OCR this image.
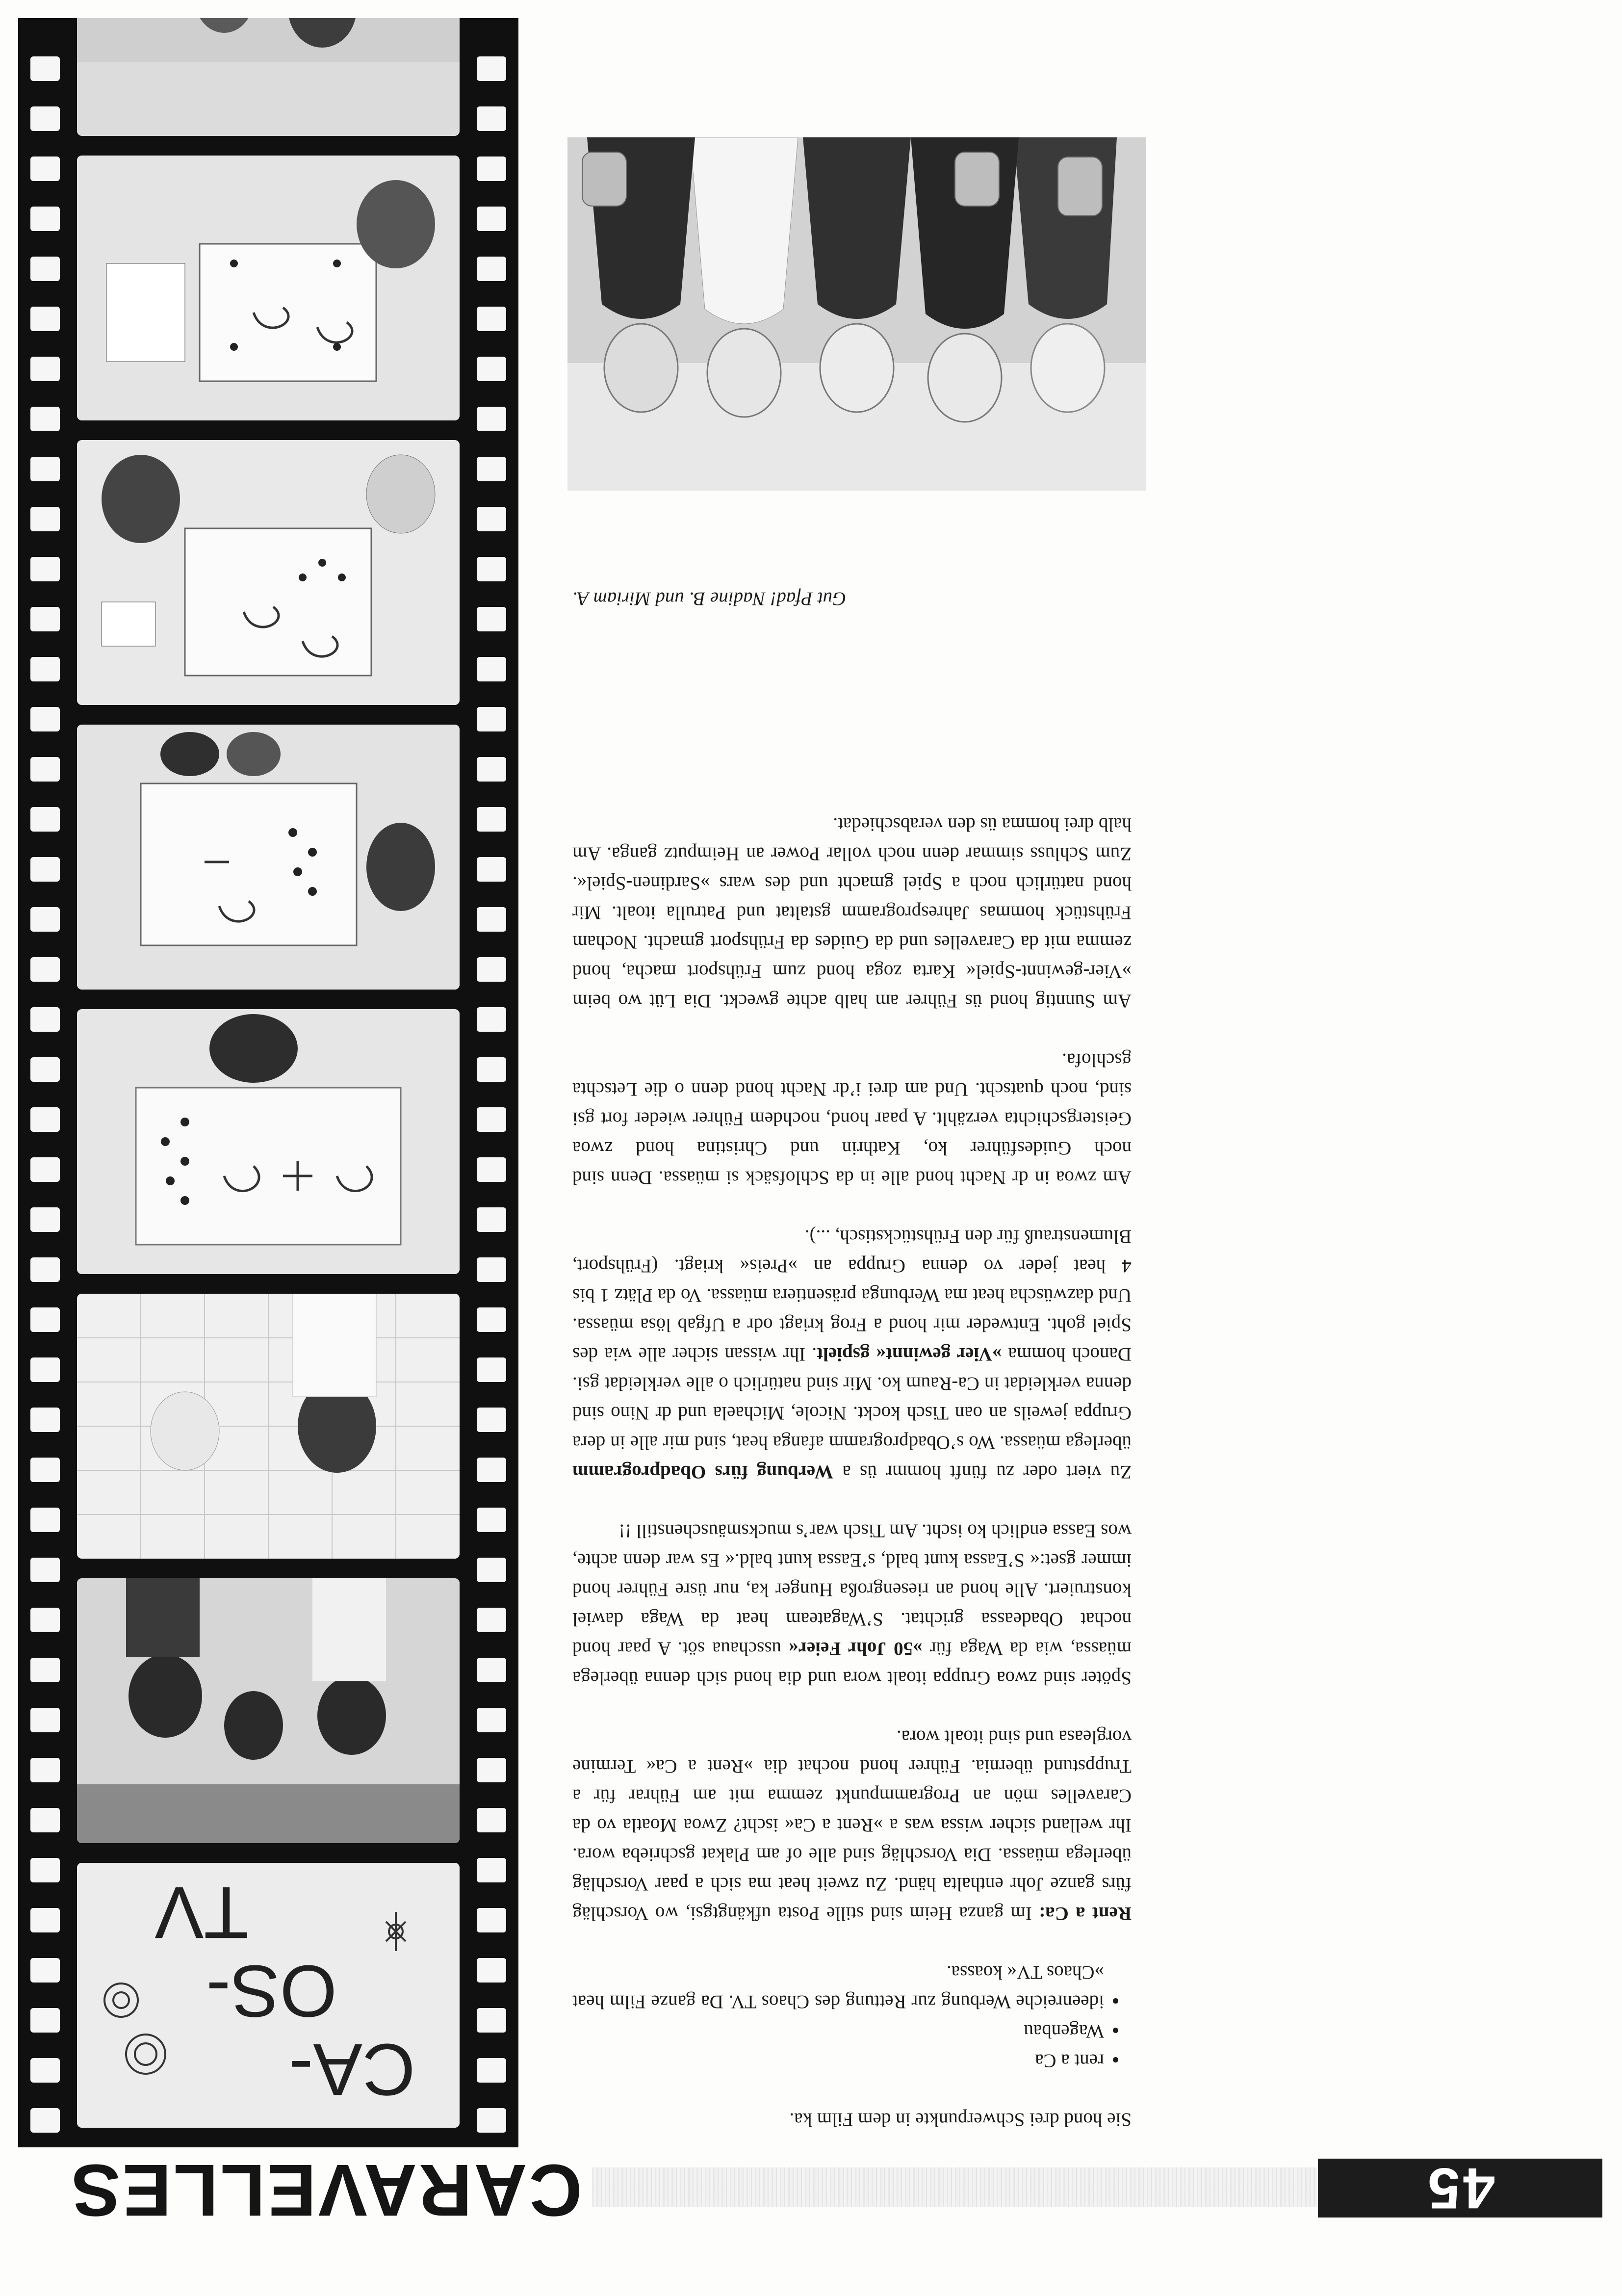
45
CARAVELLES
CA-
OS-
TV

Sie hond drei Schwerpunkte in dem Film ka.

• rent a Ca
• Wagenbau
• ideenreiche Werbung zur Rettung des Chaos TV. Da ganze Film heat »Chaos TV« koassa.

Rent a Ca: Im ganza Heim sind stille Posta ufkängtgsi, wo Vorschläg fürs ganze Johr enthalta händ. Zu zweit heat ma sich a paar Vorschläg überlega müassa. Dia Vorschläg sind alle of am Plakat gschrieba wora. Ihr welland sicher wissa was a »Rent a Ca« ischt? Zwoa Moatla vo da Caravelles mön an Programmpunkt zemma mit am Führar für a Truppstund übernia. Führer hond nochat dia »Rent a Ca« Termine vorgleasa und sind itoalt wora.

Spöter sind zwoa Gruppa itoalt wora und dia hond sich denna überlega müassa, wia da Waga für »50 Johr Feier« usschaua söt. A paar hond nochat Obadeassa grichtat. S’Wagateam heat da Waga dawiel konstruiert. Alle hond an riesengroßa Hunger ka, nur üsre Führer hond immer gset:« S’Eassa kunt bald, s’Eassa kunt bald.« Es war denn achte, wos Eassa endlich ko ischt. Am Tisch war’s mucksmäuschenstill !!

Zu viert oder zu fünft hommr üs a Werbung fürs Obadprogramm überlega müassa. Wo s’Obadprogramm afanga heat, sind mir alle in dera Gruppa jeweils an oan Tisch kockt. Nicole, Michaela und dr Nino sind denna verkleidat in Ca-Raum ko. Mir sind natürlich o alle verkleidat gsi. Danoch homma »Vier gewinnt« gspielt. Ihr wissan sicher alle wia des Spiel goht. Entweder mir hond a Frog kriagt odr a Ufgab lösa müassa. Und dazwüscha heat ma Werbunga präsentiera müassa. Vo da Plätz 1 bis 4 heat jeder vo denna Gruppa an »Preis« kriagt. (Frühsport, Blumenstrauß für den Frühstückstisch, ...).

Am zwoa in dr Nacht hond alle in da Schlofsäck si müassa. Denn sind noch Guidesführer ko, Kathrin und Christina hond zwoa Geistergschichta verzählt. A paar hond, nochdem Führer wieder fort gsi sind, noch quatscht. Und am drei i’dr Nacht hond denn o die Letschta gschlofa.

Am Sunntig hond üs Führer am halb achte gweckt. Dia Lüt wo beim »Vier-gewinnt-Spiel« Karta zoga hond zum Frühsport macha, hond zemma mit da Caravelles und da Guides da Frühsport gmacht. Nocham Frühstück hommas Jahresprogramm gstaltat und Patrulla itoalt. Mir hond natürlich noch a Spiel gmacht und des wars »Sardinen-Spiel«. Zum Schluss simmar denn noch vollar Power an Heimputz ganga. Am halb drei homma üs den verabschiedat.

Gut Pfad! Nadine B. und Miriam A.
